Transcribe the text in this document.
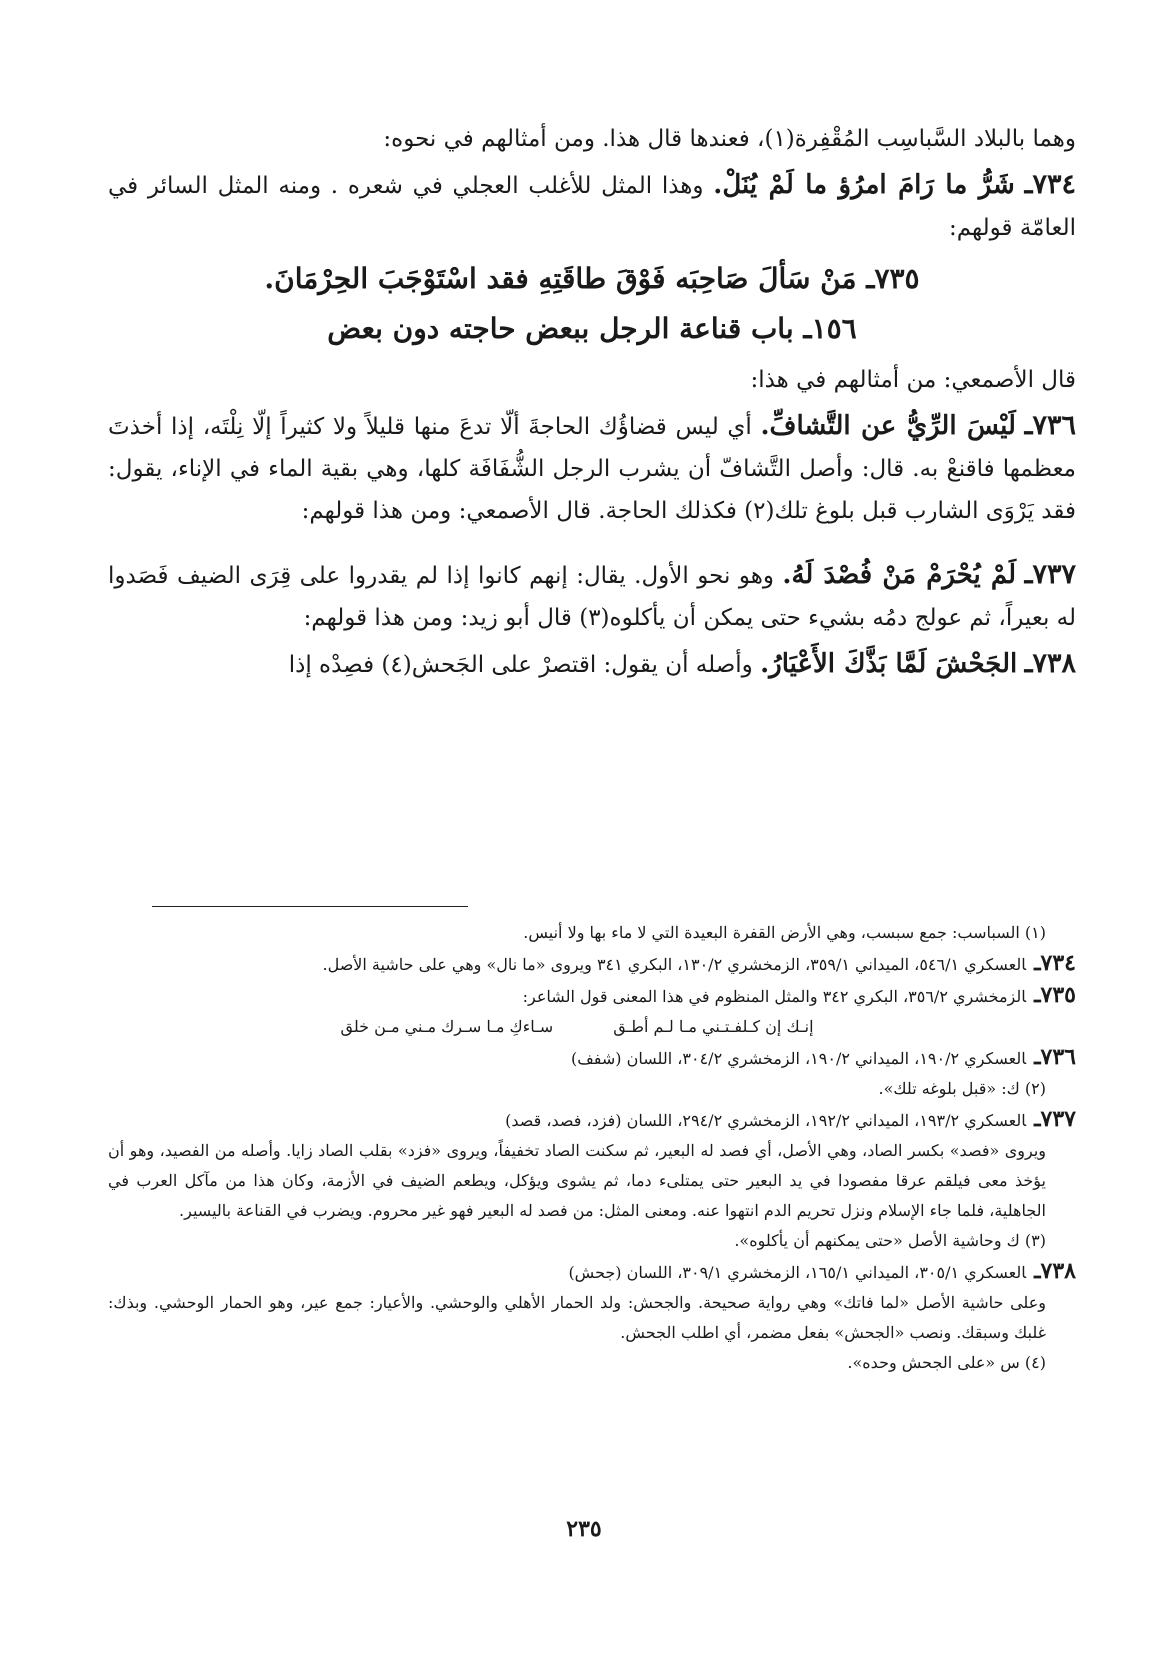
وهما بالبلاد السَّباسِب المُقْفِرة(١)، فعندها قال هذا. ومن أمثالهم في نحوه:

٧٣٤ـ شَرُّ ما رَامَ امرُؤ ما لَمْ يُنَلْ. وهذا المثل للأغلب العجلي في شعره . ومنه المثل السائر في العامّة قولهم:

٧٣٥ـ مَنْ سَألَ صَاحِبَه فَوْقَ طاقَتِهِ فقد اسْتَوْجَبَ الحِرْمَانَ.

١٥٦ـ باب قناعة الرجل ببعض حاجته دون بعض

قال الأصمعي: من أمثالهم في هذا:

٧٣٦ـ لَيْسَ الرِّيُّ عن التَّشافِّ. أي ليس قضاؤُك الحاجةَ ألّا تدعَ منها قليلاً ولا كثيراً إلّا نِلْتَه، إذا أخذتَ معظمها فاقنعْ به. قال: وأصل التَّشافّ أن يشرب الرجل الشُّفَافَة كلها، وهي بقية الماء في الإناء، يقول: فقد يَرْوَى الشارب قبل بلوغ تلك(٢) فكذلك الحاجة. قال الأصمعي: ومن هذا قولهم:

٧٣٧ـ لَمْ يُحْرَمْ مَنْ فُصْدَ لَهُ. وهو نحو الأول. يقال: إنهم كانوا إذا لم يقدروا على قِرَى الضيف فَصَدوا له بعيراً، ثم عولج دمُه بشيء حتى يمكن أن يأكلوه(٣) قال أبو زيد: ومن هذا قولهم:

٧٣٨ـ الجَحْشَ لَمَّا بَذَّكَ الأَعْيَارُ. وأصله أن يقول: اقتصرْ على الجَحش(٤) فصِدْه إذا

(١) السباسب: جمع سبسب، وهي الأرض القفرة البعيدة التي لا ماء بها ولا أنيس.

٧٣٤ـالعسكري ٥٤٦/١، الميداني ٣٥٩/١، الزمخشري ١٣٠/٢، البكري ٣٤١ ويروى «ما نال» وهي على حاشية الأصل.

٧٣٥ـالزمخشري ٣٥٦/٢، البكري ٣٤٢ والمثل المنظوم في هذا المعنى قول الشاعر:

إنـك إن كـلفـتـني مـا لـم أطـق
سـاءكِ مـا سـرك مـني مـن خلق

٧٣٦ـالعسكري ١٩٠/٢، الميداني ١٩٠/٢، الزمخشري ٣٠٤/٢، اللسان (شفف)

(٢) ك: «قبل بلوغه تلك».

٧٣٧ـالعسكري ١٩٣/٢، الميداني ١٩٢/٢، الزمخشري ٢٩٤/٢، اللسان (فزد، فصد، قصد)

ويروى «فصد» بكسر الصاد، وهي الأصل، أي فصد له البعير، ثم سكنت الصاد تخفيفاً، ويروى «فزد» بقلب الصاد زايا. وأصله من الفصيد، وهو أن يؤخذ معى فيلقم عرقا مفصودا في يد البعير حتى يمتلىء دما، ثم يشوى ويؤكل، ويطعم الضيف في الأزمة، وكان هذا من مآكل العرب في الجاهلية، فلما جاء الإسلام ونزل تحريم الدم انتهوا عنه. ومعنى المثل: من فصد له البعير فهو غير محروم. ويضرب في القناعة باليسير.

(٣) ك وحاشية الأصل «حتى يمكنهم أن يأكلوه».

٧٣٨ـالعسكري ٣٠٥/١، الميداني ١٦٥/١، الزمخشري ٣٠٩/١، اللسان (جحش)

وعلى حاشية الأصل «لما فاتك» وهي رواية صحيحة. والجحش: ولد الحمار الأهلي والوحشي. والأعيار: جمع عير، وهو الحمار الوحشي. وبذك: غلبك وسبقك. ونصب «الجحش» بفعل مضمر، أي اطلب الجحش.

(٤) س «على الجحش وحده».

٢٣٥
